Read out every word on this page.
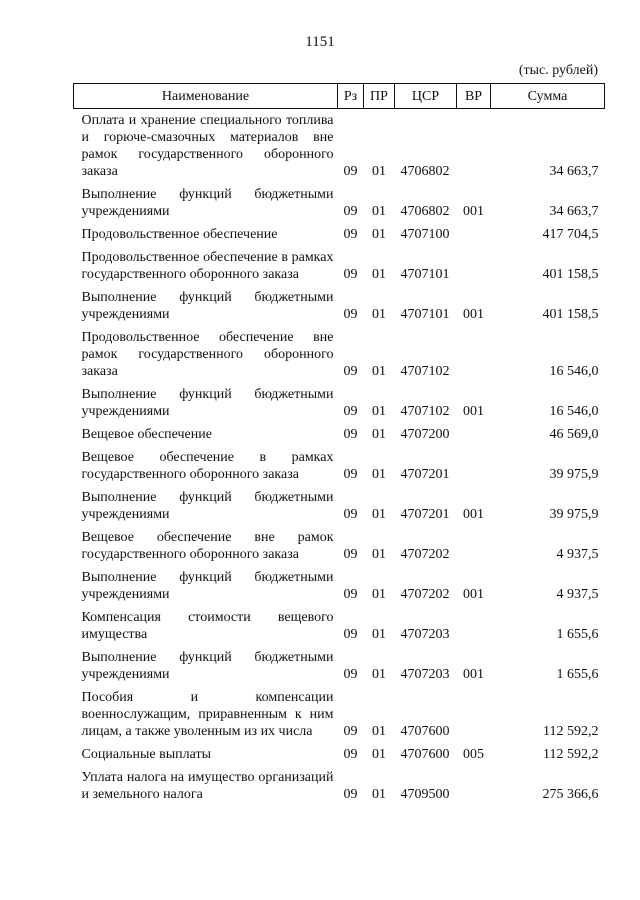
1151
(тыс. рублей)
Наименование	Рз	ПР	ЦСР	ВР	Сумма
Оплата и хранение специального топлива и горюче-смазочных материалов вне рамок государственного оборонного заказа	09	01	4706802		34 663,7
Выполнение функций бюджетными учреждениями	09	01	4706802	001	34 663,7
Продовольственное обеспечение	09	01	4707100		417 704,5
Продовольственное обеспечение в рамках государственного оборонного заказа	09	01	4707101		401 158,5
Выполнение функций бюджетными учреждениями	09	01	4707101	001	401 158,5
Продовольственное обеспечение вне рамок государственного оборонного заказа	09	01	4707102		16 546,0
Выполнение функций бюджетными учреждениями	09	01	4707102	001	16 546,0
Вещевое обеспечение	09	01	4707200		46 569,0
Вещевое обеспечение в рамках государственного оборонного заказа	09	01	4707201		39 975,9
Выполнение функций бюджетными учреждениями	09	01	4707201	001	39 975,9
Вещевое обеспечение вне рамок государственного оборонного заказа	09	01	4707202		4 937,5
Выполнение функций бюджетными учреждениями	09	01	4707202	001	4 937,5
Компенсация стоимости вещевого имущества	09	01	4707203		1 655,6
Выполнение функций бюджетными учреждениями	09	01	4707203	001	1 655,6
Пособия и компенсации военнослужащим, приравненным к ним лицам, а также уволенным из их числа	09	01	4707600		112 592,2
Социальные выплаты	09	01	4707600	005	112 592,2
Уплата налога на имущество организаций и земельного налога	09	01	4709500		275 366,6
